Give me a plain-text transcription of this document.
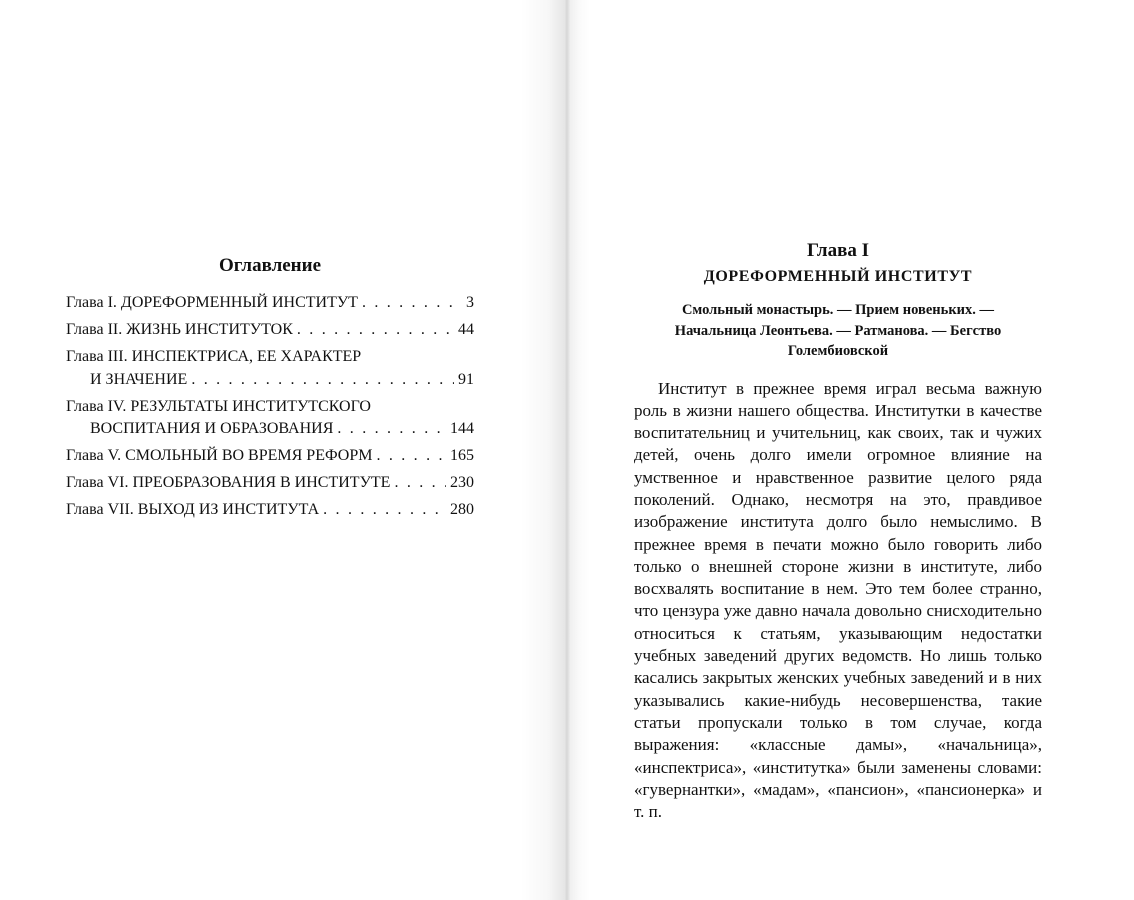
Оглавление
Глава I. ДОРЕФОРМЕННЫЙ ИНСТИТУТ . . .	3
Глава II. ЖИЗНЬ ИНСТИТУТОК . . .	44
Глава III. ИНСПЕКТРИСА, ЕЕ ХАРАКТЕР
И ЗНАЧЕНИЕ . . .	91
Глава IV. РЕЗУЛЬТАТЫ ИНСТИТУТСКОГО
ВОСПИТАНИЯ И ОБРАЗОВАНИЯ . . .	144
Глава V. СМОЛЬНЫЙ ВО ВРЕМЯ РЕФОРМ . . .	165
Глава VI. ПРЕОБРАЗОВАНИЯ В ИНСТИТУТЕ . . .	230
Глава VII. ВЫХОД ИЗ ИНСТИТУТА . . .	280
Глава I
ДОРЕФОРМЕННЫЙ ИНСТИТУТ
Смольный монастырь. — Прием новеньких. — Начальница Леонтьева. — Ратманова. — Бегство Голембиовской
Институт в прежнее время играл весьма важную роль в жизни нашего общества. Институтки в качестве воспитательниц и учительниц, как своих, так и чужих детей, очень долго имели огромное влияние на умственное и нравственное развитие целого ряда поколений. Однако, несмотря на это, правдивое изображение института долго было немыслимо. В прежнее время в печати можно было говорить либо только о внешней стороне жизни в институте, либо восхвалять воспитание в нем. Это тем более странно, что цензура уже давно начала довольно снисходительно относиться к статьям, указывающим недостатки учебных заведений других ведомств. Но лишь только касались закрытых женских учебных заведений и в них указывались какие-нибудь несовершенства, такие статьи пропускали только в том случае, когда выражения: «классные дамы», «начальница», «инспектриса», «институтка» были заменены словами: «гувернантки», «мадам», «пансион», «пансионерка» и т. п.
